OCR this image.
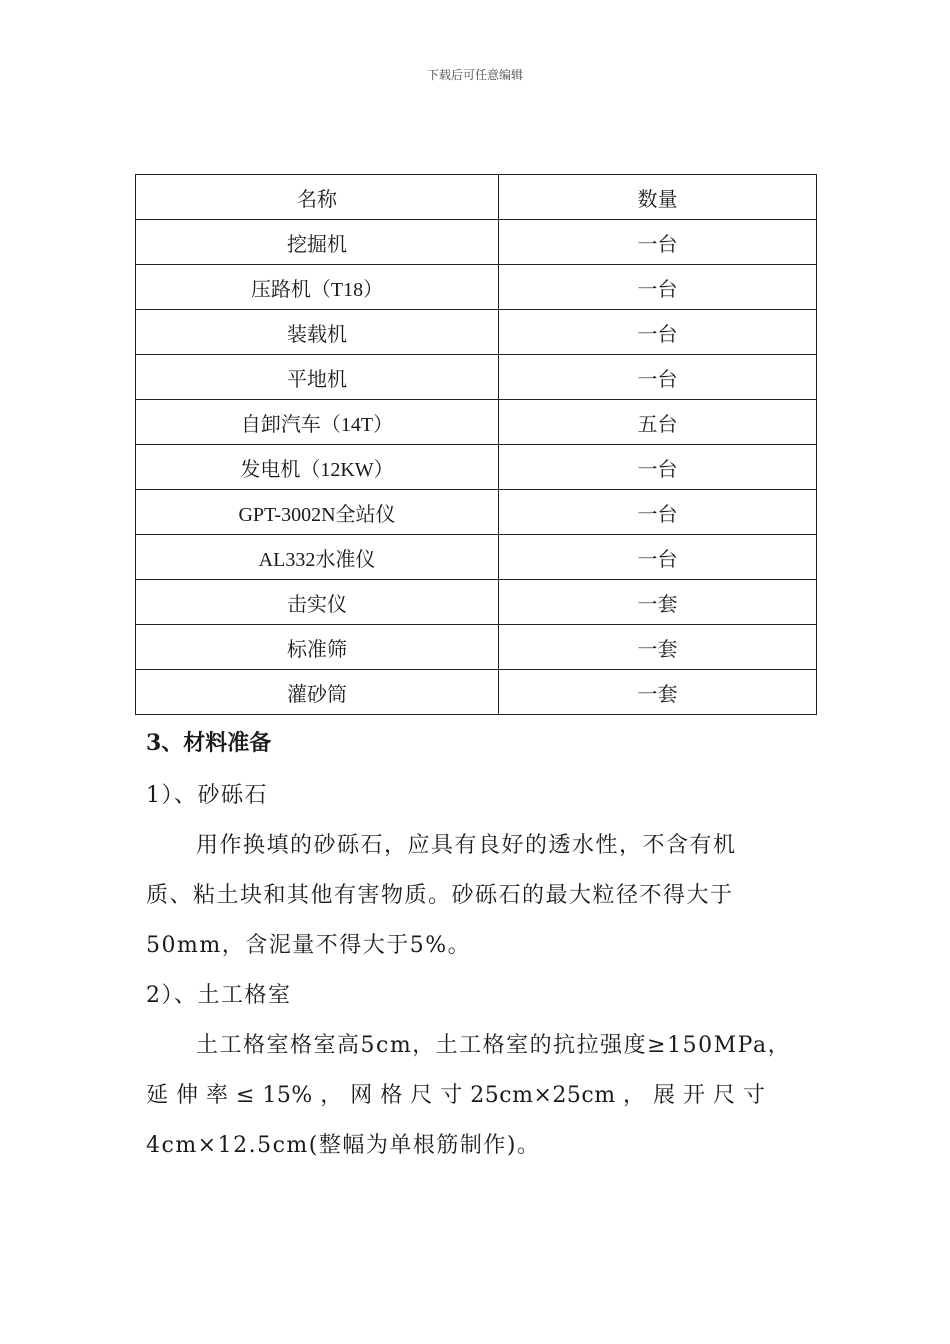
下载后可任意编辑
名称	数量
挖掘机	一台
压路机（T18）	一台
装载机	一台
平地机	一台
自卸汽车（14T）	五台
发电机（12KW）	一台
GPT-3002N全站仪	一台
AL332水准仪	一台
击实仪	一套
标准筛	一套
灌砂筒	一套
3、材料准备
1）、砂砾石
用作换填的砂砾石，应具有良好的透水性，不含有机
质、粘土块和其他有害物质。砂砾石的最大粒径不得大于
50mm，含泥量不得大于5%。
2）、土工格室
土工格室格室高5cm，土工格室的抗拉强度≥150MPa，
延 伸 率 ≤ 15% ， 网 格 尺 寸 25cm×25cm ， 展 开 尺 寸
4cm×12.5cm(整幅为单根筋制作)。
